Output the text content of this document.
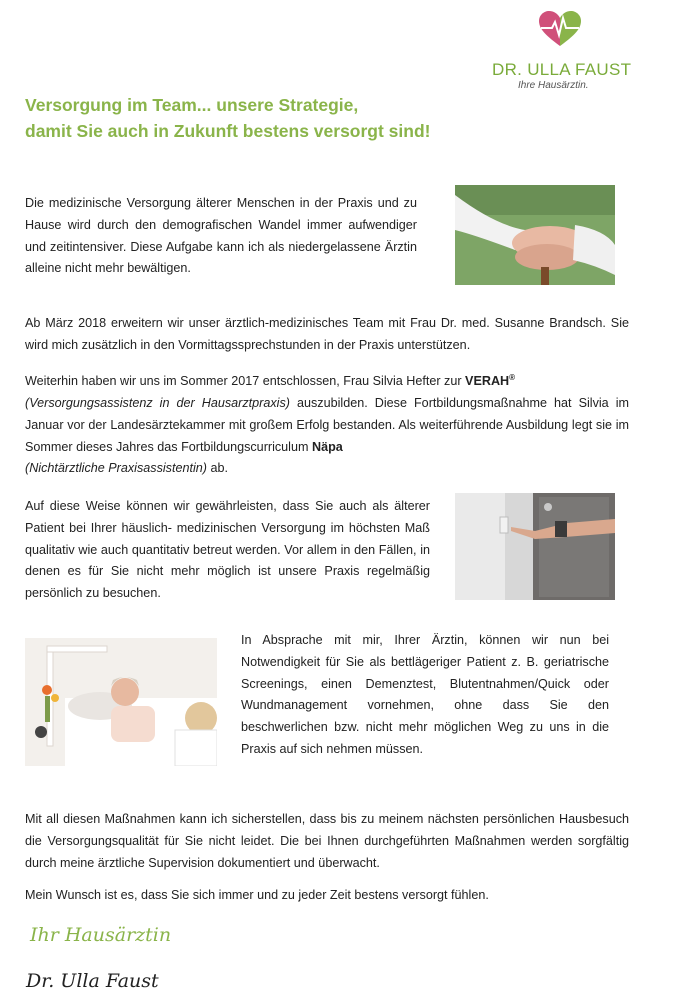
DR. ULLA FAUST
Ihre Hausärztin.
Versorgung im Team... unsere Strategie,
damit Sie auch in Zukunft bestens versorgt sind!

Die medizinische Versorgung älterer Menschen in der Praxis und zu Hause wird durch den demografischen Wandel immer aufwendiger und zeitintensiver. Diese Aufgabe kann ich als niedergelassene Ärztin alleine nicht mehr bewältigen.

Ab März 2018 erweitern wir unser ärztlich-medizinisches Team mit Frau Dr. med. Susanne Brandsch. Sie wird mich zusätzlich in den Vormittagssprechstunden in der Praxis unterstützen.

Weiterhin haben wir uns im Sommer 2017 entschlossen, Frau Silvia Hefter zur VERAH®
(Versorgungsassistenz in der Hausarztpraxis) auszubilden. Diese Fortbildungsmaßnahme hat Silvia im Januar vor der Landesärztekammer mit großem Erfolg bestanden. Als weiterführende Ausbildung legt sie im Sommer dieses Jahres das Fortbildungscurriculum Näpa
(Nichtärztliche Praxisassistentin) ab.

Auf diese Weise können wir gewährleisten, dass Sie auch als älterer Patient bei Ihrer häuslich- medizinischen Versorgung im höchsten Maß qualitativ wie auch quantitativ betreut werden. Vor allem in den Fällen, in denen es für Sie nicht mehr möglich ist unsere Praxis regelmäßig persönlich zu besuchen.

In Absprache mit mir, Ihrer Ärztin, können wir nun bei Notwendigkeit für Sie als bettlägeriger Patient z. B. geriatrische Screenings, einen Demenztest, Blutentnahmen/Quick oder Wundmanagement vornehmen, ohne dass Sie den beschwerlichen bzw. nicht mehr möglichen Weg zu uns in die Praxis auf sich nehmen müssen.

Mit all diesen Maßnahmen kann ich sicherstellen, dass bis zu meinem nächsten persönlichen Hausbesuch die Versorgungsqualität für Sie nicht leidet. Die bei Ihnen durchgeführten Maßnahmen werden sorgfältig durch meine ärztliche Supervision dokumentiert und überwacht.

Mein Wunsch ist es, dass Sie sich immer und zu jeder Zeit bestens versorgt fühlen.

Ihr Hausärztin
Dr. Ulla Faust
